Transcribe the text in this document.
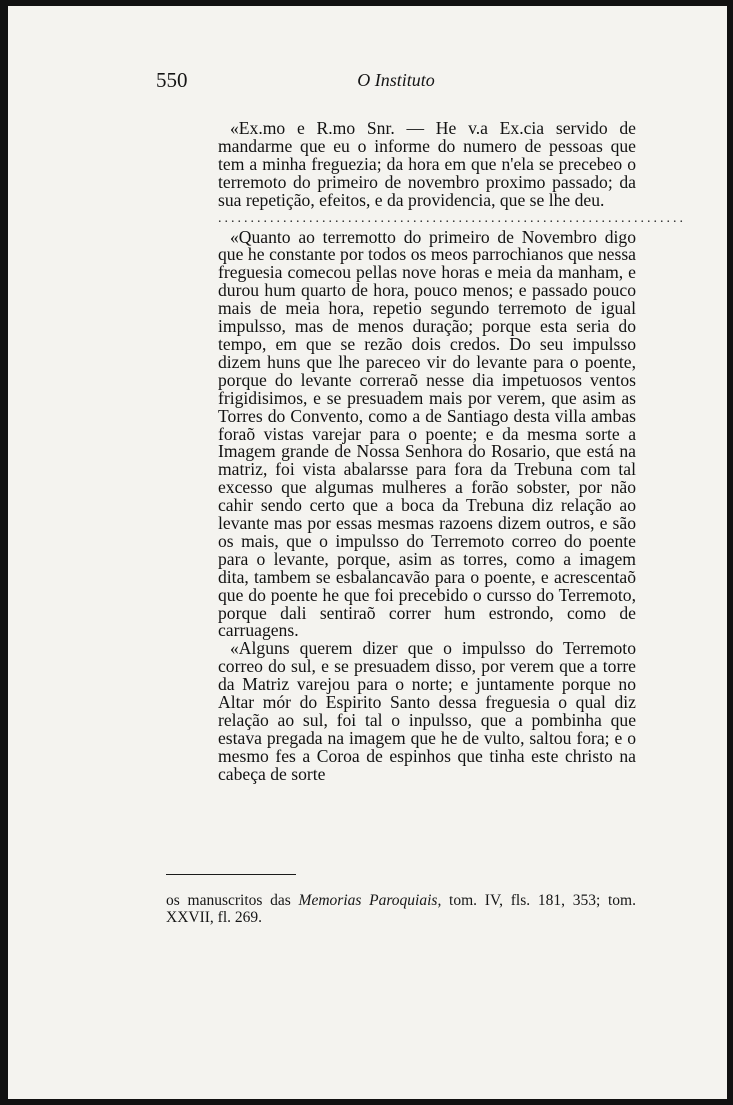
550	O Instituto

«Ex.mo e R.mo Snr. — He v.a Ex.cia servido de mandarme que eu o informe do numero de pessoas que tem a minha freguezia; da hora em que n'ela se precebeo o terremoto do primeiro de novembro proximo passado; da sua repetição, efeitos, e da providencia, que se lhe deu.

........................................................................

«Quanto ao terremotto do primeiro de Novembro digo que he constante por todos os meos parrochianos que nessa freguesia comecou pellas nove horas e meia da manham, e durou hum quarto de hora, pouco menos; e passado pouco mais de meia hora, repetio segundo terremoto de igual impulsso, mas de menos duração; porque esta seria do tempo, em que se rezão dois credos. Do seu impulsso dizem huns que lhe pareceo vir do levante para o poente, porque do levante correraõ nesse dia impetuosos ventos frigidisimos, e se presuadem mais por verem, que asim as Torres do Convento, como a de Santiago desta villa ambas foraõ vistas varejar para o poente; e da mesma sorte a Imagem grande de Nossa Senhora do Rosario, que está na matriz, foi vista abalarsse para fora da Trebuna com tal excesso que algumas mulheres a forão sobster, por não cahir sendo certo que a boca da Trebuna diz relação ao levante mas por essas mesmas razoens dizem outros, e são os mais, que o impulsso do Terremoto correo do poente para o levante, porque, asim as torres, como a imagem dita, tambem se esbalancavão para o poente, e acrescentaõ que do poente he que foi precebido o cursso do Terremoto, porque dali sentiraõ correr hum estrondo, como de carruagens.

«Alguns querem dizer que o impulsso do Terremoto correo do sul, e se presuadem disso, por verem que a torre da Matriz varejou para o norte; e juntamente porque no Altar mór do Espirito Santo dessa freguesia o qual diz relação ao sul, foi tal o inpulsso, que a pombinha que estava pregada na imagem que he de vulto, saltou fora; e o mesmo fes a Coroa de espinhos que tinha este christo na cabeça de sorte

os manuscritos das Memorias Paroquiais, tom. IV, fls. 181, 353; tom. XXVII, fl. 269.
